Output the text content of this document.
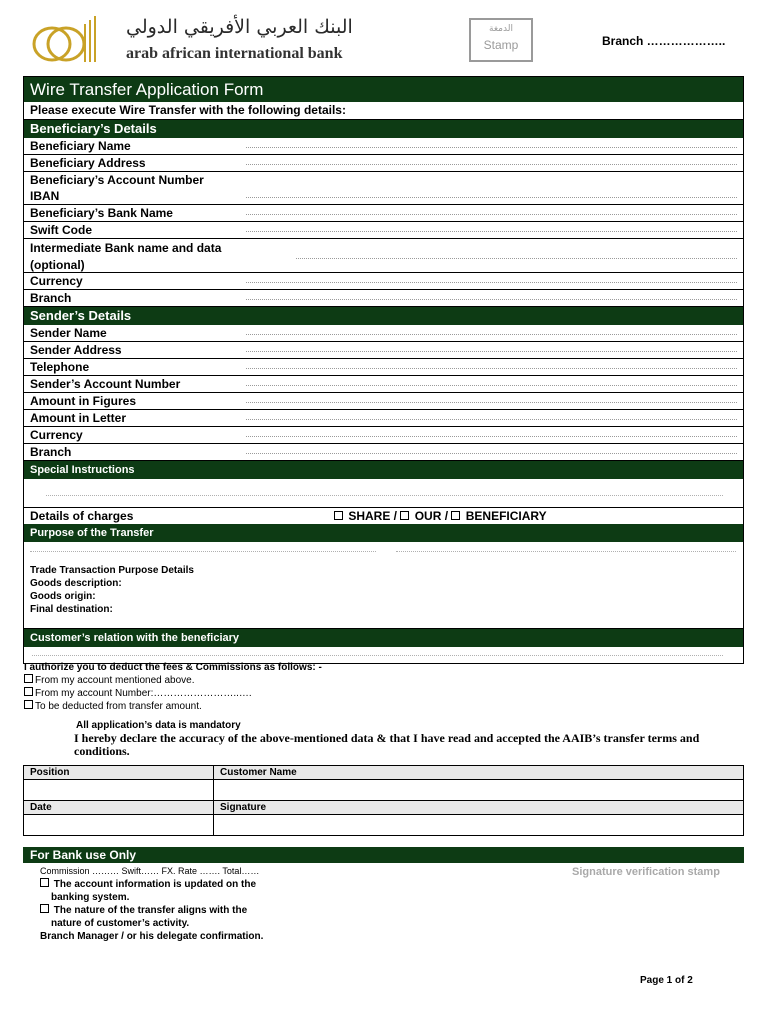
البنك العربي الأفريقي الدولي
arab african international bank
الدمغة
Stamp	Branch ………………..
Wire Transfer Application Form
Please execute Wire Transfer with the following details:
Beneficiary’s Details
Beneficiary Name
Beneficiary Address
Beneficiary’s Account Number
IBAN
Beneficiary’s Bank Name
Swift Code
Intermediate Bank name and data (optional)
Currency
Branch
Sender’s Details
Sender Name
Sender Address
Telephone
Sender’s Account Number
Amount in Figures
Amount in Letter
Currency
Branch
Special Instructions
Details of charges	SHARE / OUR / BENEFICIARY
Purpose of the Transfer
Trade Transaction Purpose Details
Goods description:
Goods origin:
Final destination:
Customer’s relation with the beneficiary
I authorize you to deduct the fees & Commissions as follows: -
From my account mentioned above.
From my account Number:……………………..….
To be deducted from transfer amount.
All application’s data is mandatory
I hereby declare the accuracy of the above-mentioned data & that I have read and accepted the AAIB’s transfer terms and conditions.
Position	Customer Name

Date	Signature

For Bank use Only
Commission ……… Swift…… FX. Rate ……. Total……
The account information is updated on the
banking system.
The nature of the transfer aligns with the
nature of customer’s activity.
Branch Manager / or his delegate confirmation.
Signature verification stamp
Page 1 of 2
